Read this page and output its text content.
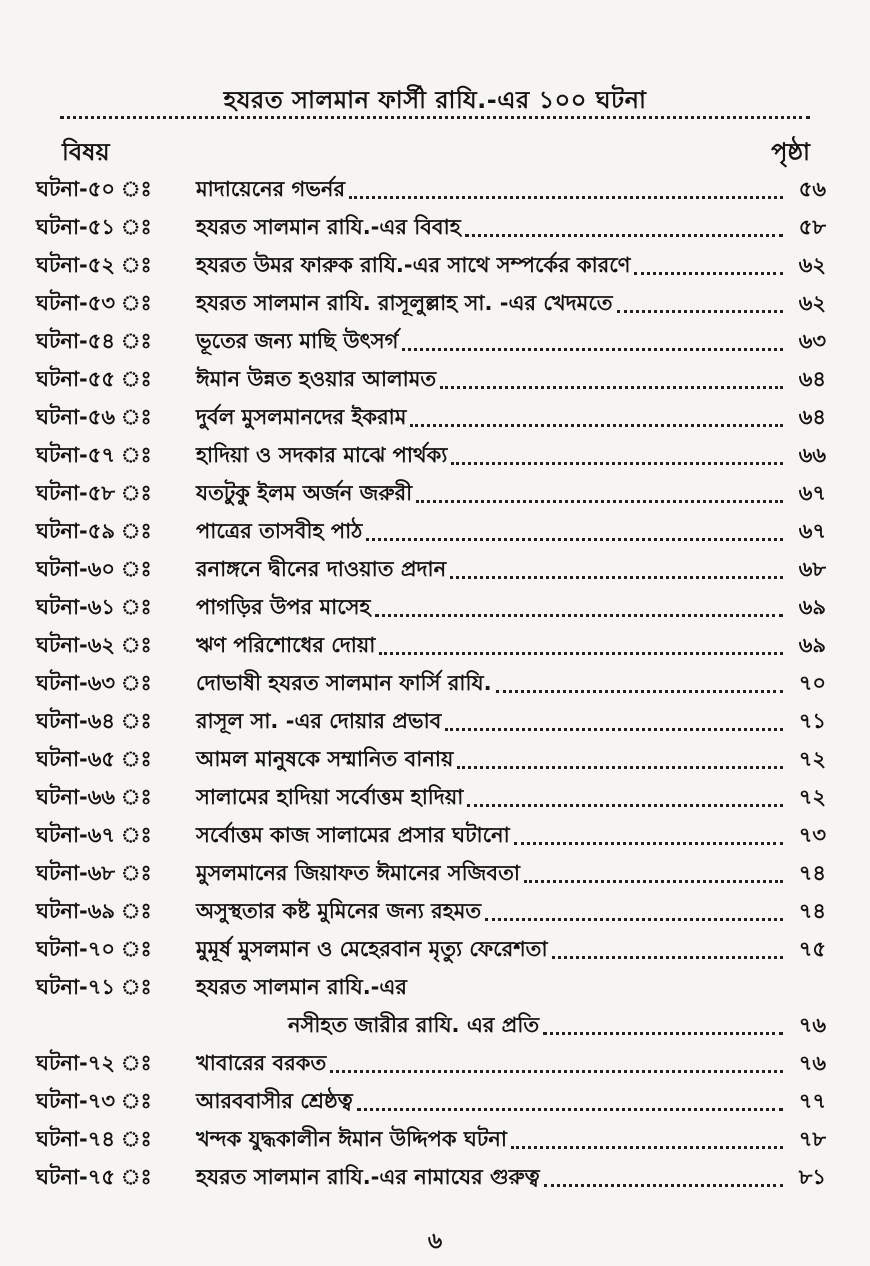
হযরত সালমান ফার্সী রাযি.-এর ১০০ ঘটনা
বিষয়	পৃষ্ঠা
ঘটনা-৫০ ঃ	মাদায়েনের গভর্নর	৫৬
ঘটনা-৫১ ঃ	হযরত সালমান রাযি.-এর বিবাহ	৫৮
ঘটনা-৫২ ঃ	হযরত উমর ফারুক রাযি.-এর সাথে সম্পর্কের কারণে	৬২
ঘটনা-৫৩ ঃ	হযরত সালমান রাযি. রাসূলুল্লাহ সা. -এর খেদমতে	৬২
ঘটনা-৫৪ ঃ	ভূতের জন্য মাছি উৎসর্গ	৬৩
ঘটনা-৫৫ ঃ	ঈমান উন্নত হওয়ার আলামত	৬৪
ঘটনা-৫৬ ঃ	দুর্বল মুসলমানদের ইকরাম	৬৪
ঘটনা-৫৭ ঃ	হাদিয়া ও সদকার মাঝে পার্থক্য	৬৬
ঘটনা-৫৮ ঃ	যতটুকু ইলম অর্জন জরুরী	৬৭
ঘটনা-৫৯ ঃ	পাত্রের তাসবীহ পাঠ	৬৭
ঘটনা-৬০ ঃ	রনাঙ্গনে দ্বীনের দাওয়াত প্রদান	৬৮
ঘটনা-৬১ ঃ	পাগড়ির উপর মাসেহ	৬৯
ঘটনা-৬২ ঃ	ঋণ পরিশোধের দোয়া	৬৯
ঘটনা-৬৩ ঃ	দোভাষী হযরত সালমান ফার্সি রাযি.	৭০
ঘটনা-৬৪ ঃ	রাসূল সা. -এর দোয়ার প্রভাব	৭১
ঘটনা-৬৫ ঃ	আমল মানুষকে সম্মানিত বানায়	৭২
ঘটনা-৬৬ ঃ	সালামের হাদিয়া সর্বোত্তম হাদিয়া	৭২
ঘটনা-৬৭ ঃ	সর্বোত্তম কাজ সালামের প্রসার ঘটানো	৭৩
ঘটনা-৬৮ ঃ	মুসলমানের জিয়াফত ঈমানের সজিবতা	৭৪
ঘটনা-৬৯ ঃ	অসুস্থতার কষ্ট মুমিনের জন্য রহমত	৭৪
ঘটনা-৭০ ঃ	মুমূর্ষ মুসলমান ও মেহেরবান মৃত্যু ফেরেশতা	৭৫
ঘটনা-৭১ ঃ	হযরত সালমান রাযি.-এর
নসীহত জারীর রাযি. এর প্রতি	৭৬
ঘটনা-৭২ ঃ	খাবারের বরকত	৭৬
ঘটনা-৭৩ ঃ	আরববাসীর শ্রেষ্ঠত্ব	৭৭
ঘটনা-৭৪ ঃ	খন্দক যুদ্ধকালীন ঈমান উদ্দিপক ঘটনা	৭৮
ঘটনা-৭৫ ঃ	হযরত সালমান রাযি.-এর নামাযের গুরুত্ব	৮১
৬
